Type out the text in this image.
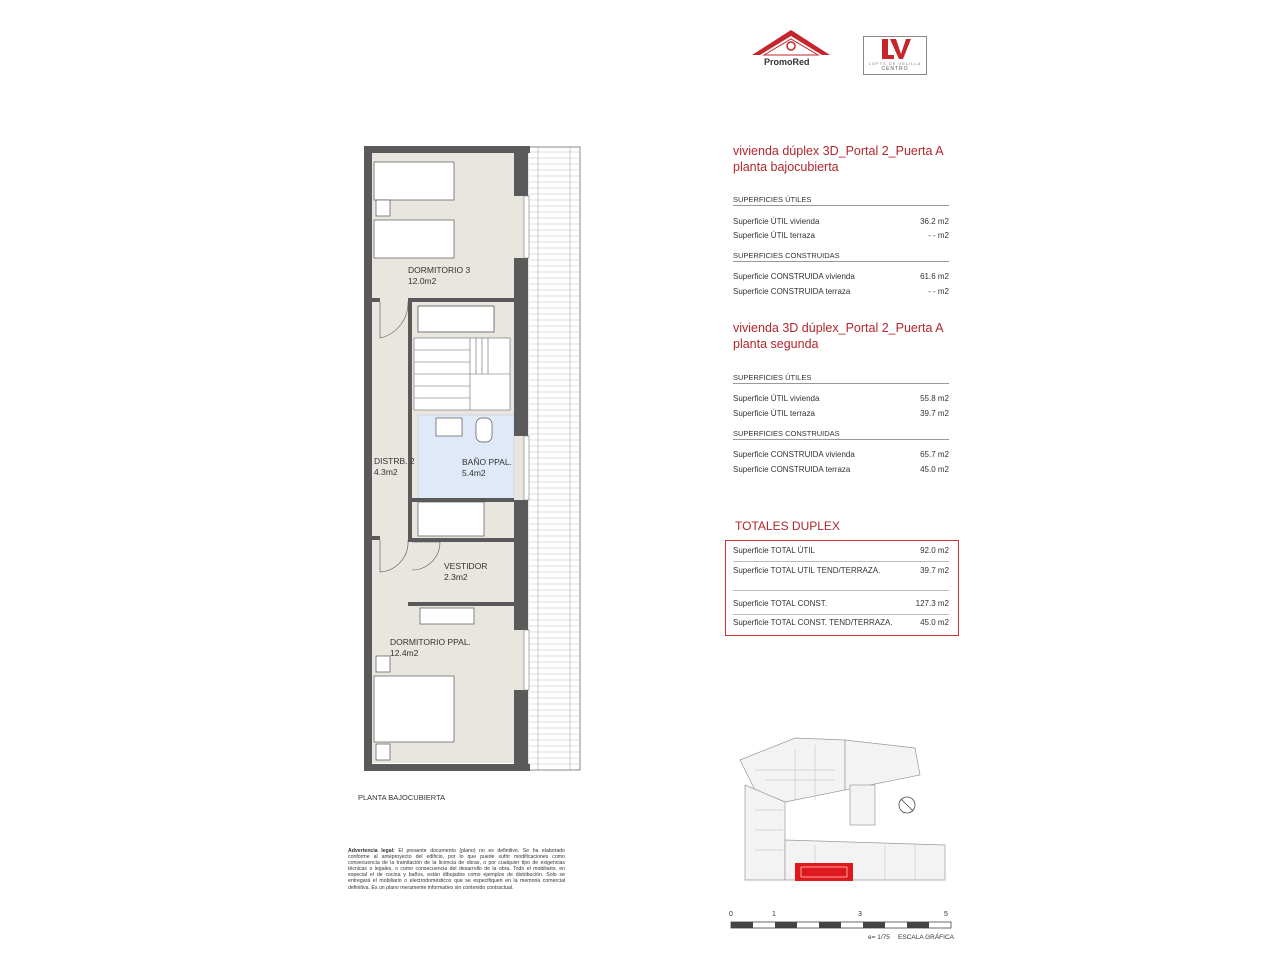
PromoRed	LOFTS DE VELILLA
CENTRO
DORMITORIO 3
12.0m2
DISTRB. 2
4.3m2
BAÑO PPAL.
5.4m2
VESTIDOR
2.3m2
DORMITORIO PPAL.
12.4m2
PLANTA BAJOCUBIERTA
Advertencia legal: El presente documento (plano) no es definitivo. Se ha elaborado conforme al anteproyecto del edificio, por lo que puede sufrir modificaciones como consecuencia de la tramitación de la licencia de obras, o por cualquier tipo de exigencias técnicas o legales, o como consecuencia del desarrollo de la obra. Todo el mobiliario, en especial el de cocina y baños, están dibujados como ejemplos de distribución. Solo se entregará el mobiliario o electrodomésticos que se especifiquen en la memoria comercial definitiva. Es un plano meramente informativo sin contenido contractual.
vivienda dúplex 3D_Portal 2_Puerta A
planta bajocubierta
SUPERFICIES ÚTILES
Superficie ÚTIL vivienda	36.2 m2
Superficie ÚTIL terraza	- - m2
SUPERFICIES CONSTRUIDAS
Superficie CONSTRUIDA vivienda	61.6 m2
Superficie CONSTRUIDA terraza	- - m2
vivienda 3D dúplex_Portal 2_Puerta A
planta segunda
SUPERFICIES ÚTILES
Superficie ÚTIL vivienda	55.8 m2
Superficie ÚTIL terraza	39.7 m2
SUPERFICIES CONSTRUIDAS
Superficie CONSTRUIDA vivienda	65.7 m2
Superficie CONSTRUIDA terraza	45.0 m2
TOTALES DUPLEX
Superficie TOTAL ÚTIL	92.0 m2
Superficie TOTAL UTIL TEND/TERRAZA.	39.7 m2
Superficie TOTAL CONST.	127.3 m2
Superficie TOTAL CONST. TEND/TERRAZA.	45.0 m2
0	1	3	5
e= 1/75 ESCALA GRÁFICA
